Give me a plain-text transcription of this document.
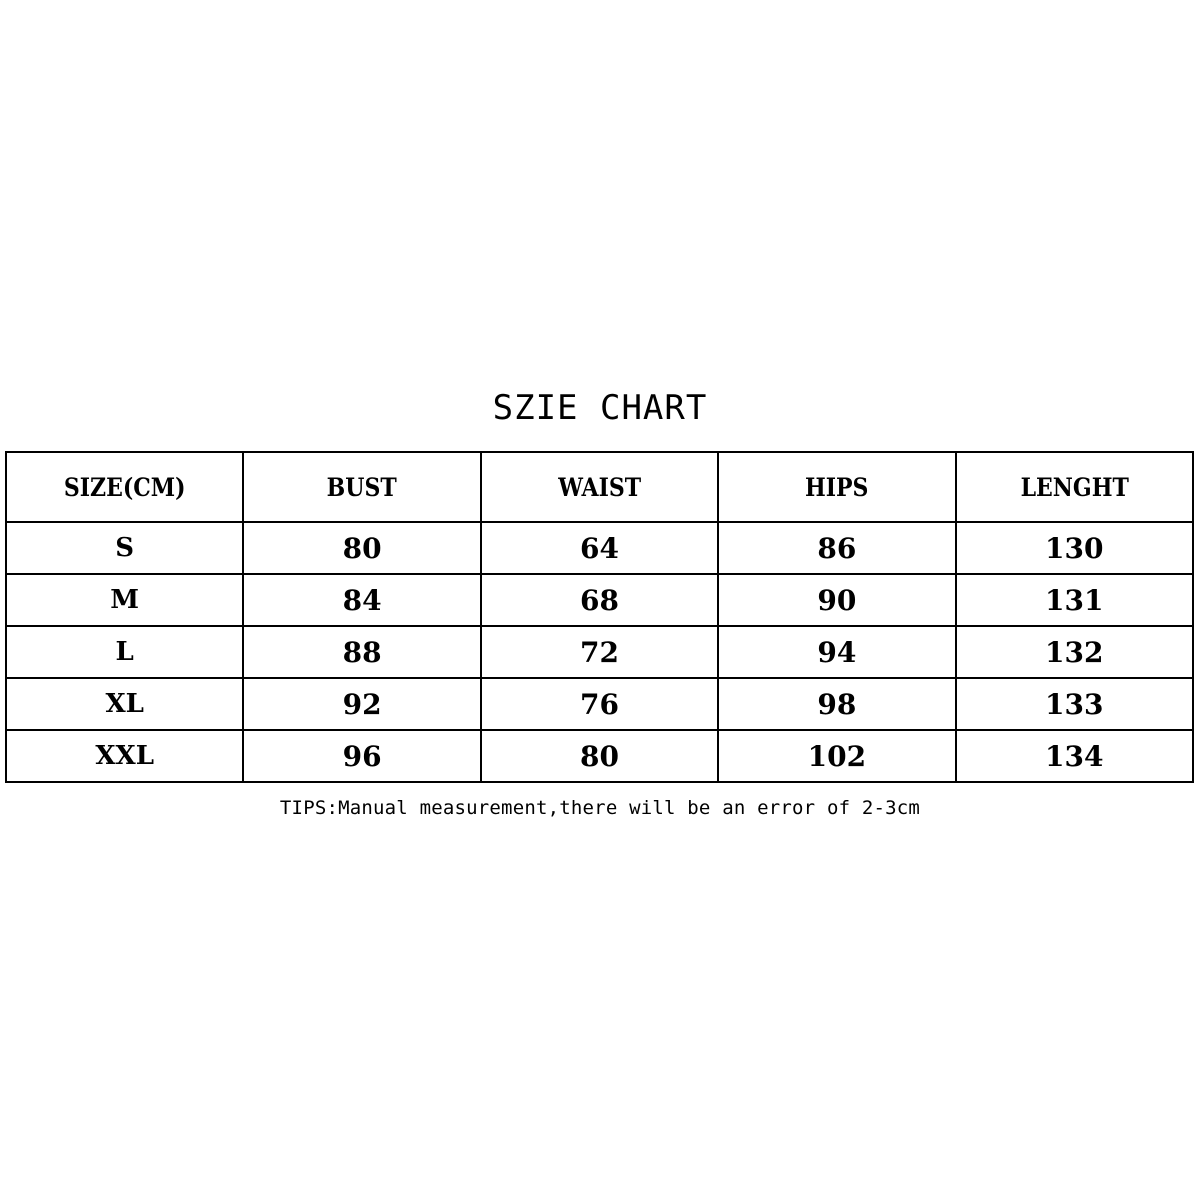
SZIE CHART
SIZE(CM)	BUST	WAIST	HIPS	LENGHT
S	80	64	86	130
M	84	68	90	131
L	88	72	94	132
XL	92	76	98	133
XXL	96	80	102	134
TIPS:Manual measurement,there will be an error of 2-3cm
